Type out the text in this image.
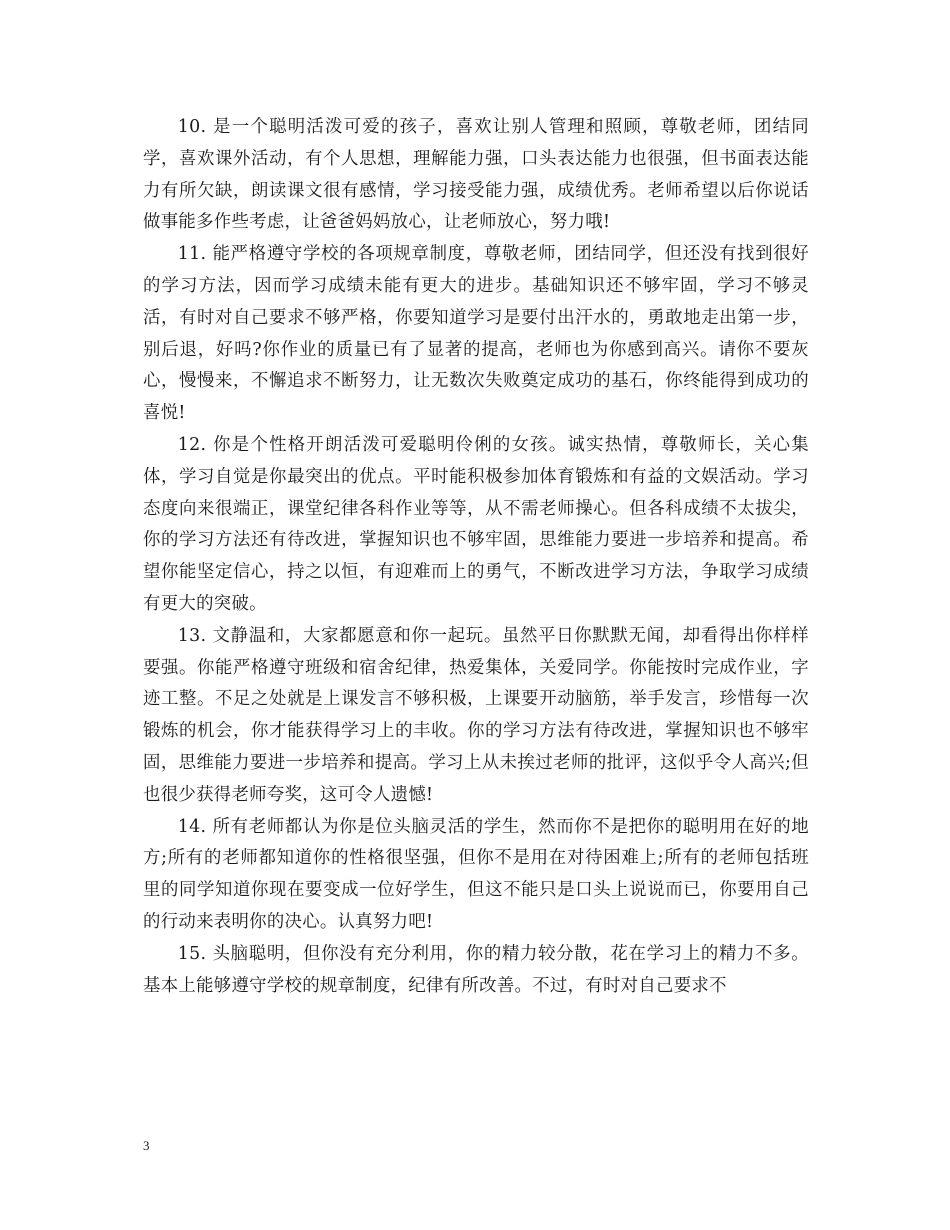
10. 是一个聪明活泼可爱的孩子，喜欢让别人管理和照顾，尊敬老师，团结同学，喜欢课外活动，有个人思想，理解能力强，口头表达能力也很强，但书面表达能力有所欠缺，朗读课文很有感情，学习接受能力强，成绩优秀。老师希望以后你说话做事能多作些考虑，让爸爸妈妈放心，让老师放心，努力哦!

11. 能严格遵守学校的各项规章制度，尊敬老师，团结同学，但还没有找到很好的学习方法，因而学习成绩未能有更大的进步。基础知识还不够牢固，学习不够灵活，有时对自己要求不够严格，你要知道学习是要付出汗水的，勇敢地走出第一步，别后退，好吗?你作业的质量已有了显著的提高，老师也为你感到高兴。请你不要灰心，慢慢来，不懈追求不断努力，让无数次失败奠定成功的基石，你终能得到成功的喜悦!

12. 你是个性格开朗活泼可爱聪明伶俐的女孩。诚实热情，尊敬师长，关心集体，学习自觉是你最突出的优点。平时能积极参加体育锻炼和有益的文娱活动。学习态度向来很端正，课堂纪律各科作业等等，从不需老师操心。但各科成绩不太拔尖，你的学习方法还有待改进，掌握知识也不够牢固，思维能力要进一步培养和提高。希望你能坚定信心，持之以恒，有迎难而上的勇气，不断改进学习方法，争取学习成绩有更大的突破。

13. 文静温和，大家都愿意和你一起玩。虽然平日你默默无闻，却看得出你样样要强。你能严格遵守班级和宿舍纪律，热爱集体，关爱同学。你能按时完成作业，字迹工整。不足之处就是上课发言不够积极，上课要开动脑筋，举手发言，珍惜每一次锻炼的机会，你才能获得学习上的丰收。你的学习方法有待改进，掌握知识也不够牢固，思维能力要进一步培养和提高。学习上从未挨过老师的批评，这似乎令人高兴;但也很少获得老师夸奖，这可令人遗憾!

14. 所有老师都认为你是位头脑灵活的学生，然而你不是把你的聪明用在好的地方;所有的老师都知道你的性格很坚强，但你不是用在对待困难上;所有的老师包括班里的同学知道你现在要变成一位好学生，但这不能只是口头上说说而已，你要用自己的行动来表明你的决心。认真努力吧!

15. 头脑聪明，但你没有充分利用，你的精力较分散，花在学习上的精力不多。基本上能够遵守学校的规章制度，纪律有所改善。不过，有时对自己要求不

3
